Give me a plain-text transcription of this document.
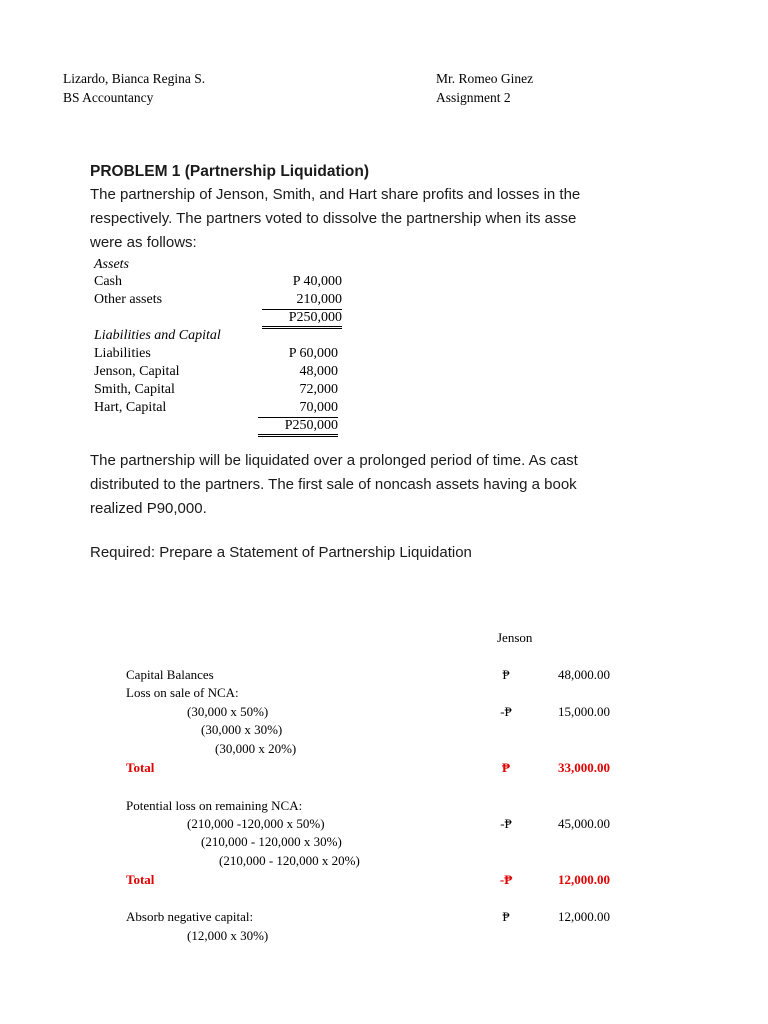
Lizardo, Bianca Regina S.
BS Accountancy
Mr. Romeo Ginez
Assignment 2
PROBLEM 1 (Partnership Liquidation)
The partnership of Jenson, Smith, and Hart share profits and losses in the
respectively. The partners voted to dissolve the partnership when its asse
were as follows:
Assets
Cash	P 40,000
Other assets	210,000
P250,000
Liabilities and Capital
Liabilities	P 60,000
Jenson, Capital	48,000
Smith, Capital	72,000
Hart, Capital	70,000
P250,000
The partnership will be liquidated over a prolonged period of time. As cast
distributed to the partners. The first sale of noncash assets having a book
realized P90,000.
Required: Prepare a Statement of Partnership Liquidation
Jenson
Capital Balances	₱	48,000.00
Loss on sale of NCA:
(30,000 x 50%)	-₱	15,000.00
(30,000 x 30%)
(30,000 x 20%)
Total	₱	33,000.00
Potential loss on remaining NCA:
(210,000 -120,000 x 50%)	-₱	45,000.00
(210,000 - 120,000 x 30%)
(210,000 - 120,000 x 20%)
Total	-₱	12,000.00
Absorb negative capital:	₱	12,000.00
(12,000 x 30%)
